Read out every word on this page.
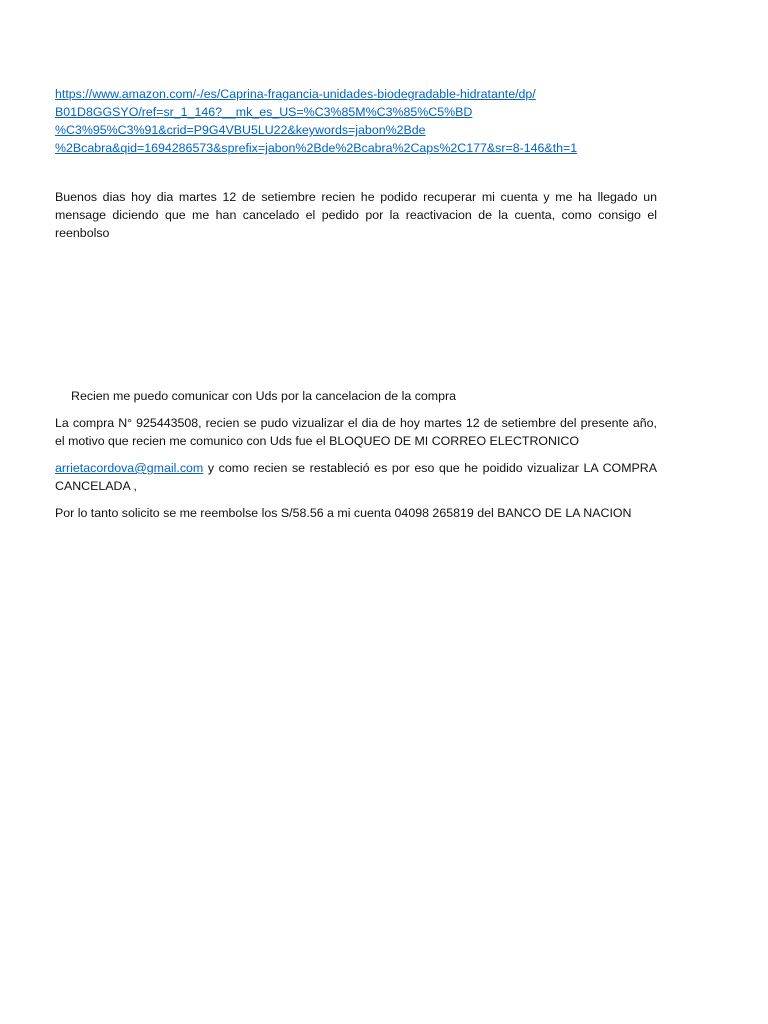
https://www.amazon.com/-/es/Caprina-fragancia-unidades-biodegradable-hidratante/dp/
B01D8GGSYO/ref=sr_1_146?__mk_es_US=%C3%85M%C3%85%C5%BD
%C3%95%C3%91&crid=P9G4VBU5LU22&keywords=jabon%2Bde
%2Bcabra&qid=1694286573&sprefix=jabon%2Bde%2Bcabra%2Caps%2C177&sr=8-146&th=1

Buenos dias hoy dia martes 12 de setiembre recien he podido recuperar mi cuenta y me ha llegado un mensage diciendo que me han cancelado el pedido por la reactivacion de la cuenta, como consigo el reenbolso

Recien me puedo comunicar con Uds por la cancelacion de la compra

La compra N° 925443508, recien se pudo vizualizar el dia de hoy martes 12 de setiembre del presente año, el motivo que recien me comunico con Uds fue el BLOQUEO DE MI CORREO ELECTRONICO

arrietacordova@gmail.com y como recien se restableció es por eso que he poidido vizualizar LA COMPRA CANCELADA ,

Por lo tanto solicito se me reembolse los S/58.56 a mi cuenta 04098 265819 del BANCO DE LA NACION
